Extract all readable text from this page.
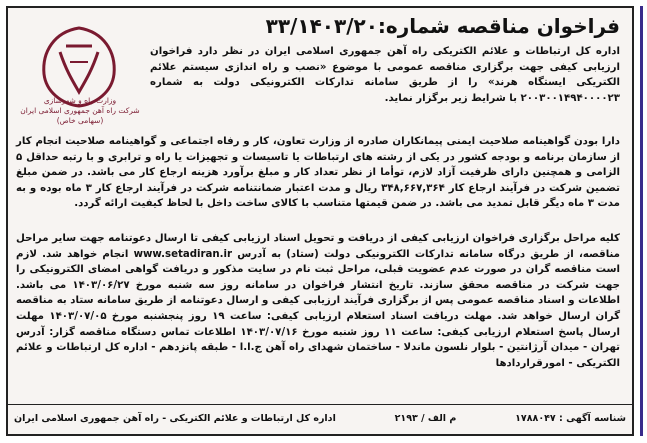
فراخوان مناقصه شماره:۳۳/۱۴۰۳/۲۰
وزارت راه و شهرسازی
شرکت راه آهن جمهوری اسلامی ایران
(سهامی خاص)
اداره کل ارتباطات و علائم الکتریکی راه آهن جمهوری اسلامی ایران در نظر دارد فراخوان ارزیابی کیفی جهت برگزاری مناقصه عمومی با موضوع «نصب و راه اندازی سیستم علائم الکتریکی ایستگاه هرند» را از طریق سامانه تدارکات الکترونیکی دولت به شماره ۲۰۰۳۰۰۱۴۹۴۰۰۰۰۲۳ با شرایط زیر برگزار نماید.
دارا بودن گواهینامه صلاحیت ایمنی پیمانکاران صادره از وزارت تعاون، کار و رفاه اجتماعی و گواهینامه صلاحیت انجام کار از سازمان برنامه و بودجه کشور در یکی از رشته های ارتباطات یا تاسیسات و تجهیزات یا راه و ترابری و با رتبه حداقل ۵ الزامی و همچنین دارای ظرفیت آزاد لازم، توأما از نظر تعداد کار و مبلغ برآورد هزینه ارجاع کار می باشد. در ضمن مبلغ تضمین شرکت در فرآیند ارجاع کار ۳۴۸,۶۶۷,۳۶۴ ریال و مدت اعتبار ضمانتنامه شرکت در فرآیند ارجاع کار ۳ ماه بوده و به مدت ۳ ماه دیگر قابل تمدید می باشد. در ضمن قیمتها متناسب با کالای ساخت داخل با لحاظ کیفیت ارائه گردد.
کلیه مراحل برگزاری فراخوان ارزیابی کیفی از دریافت و تحویل اسناد ارزیابی کیفی تا ارسال دعوتنامه جهت سایر مراحل مناقصه، از طریق درگاه سامانه تدارکات الکترونیکی دولت (ستاد) به آدرس www.setadiran.ir انجام خواهد شد. لازم است مناقصه گران در صورت عدم عضویت قبلی، مراحل ثبت نام در سایت مذکور و دریافت گواهی امضای الکترونیکی را جهت شرکت در مناقصه محقق سازند. تاریخ انتشار فراخوان در سامانه روز سه شنبه مورخ ۱۴۰۳/۰۶/۲۷ می باشد. اطلاعات و اسناد مناقصه عمومی پس از برگزاری فرآیند ارزیابی کیفی و ارسال دعوتنامه از طریق سامانه ستاد به مناقصه گران ارسال خواهد شد. مهلت دریافت اسناد استعلام ارزیابی کیفی: ساعت ۱۹ روز پنجشنبه مورخ ۱۴۰۳/۰۷/۰۵ مهلت ارسال پاسخ استعلام ارزیابی کیفی: ساعت ۱۱ روز شنبه مورخ ۱۴۰۳/۰۷/۱۶ اطلاعات تماس دستگاه مناقصه گزار: آدرس تهران - میدان آرژانتین - بلوار نلسون ماندلا - ساختمان شهدای راه آهن ج.ا.ا - طبقه پانزدهم - اداره کل ارتباطات و علائم الکتریکی - امورقراردادها
شناسه آگهی : ۱۷۸۸۰۴۷
م الف / ۲۱۹۳
اداره کل ارتباطات و علائم الکتریکی - راه آهن جمهوری اسلامی ایران
